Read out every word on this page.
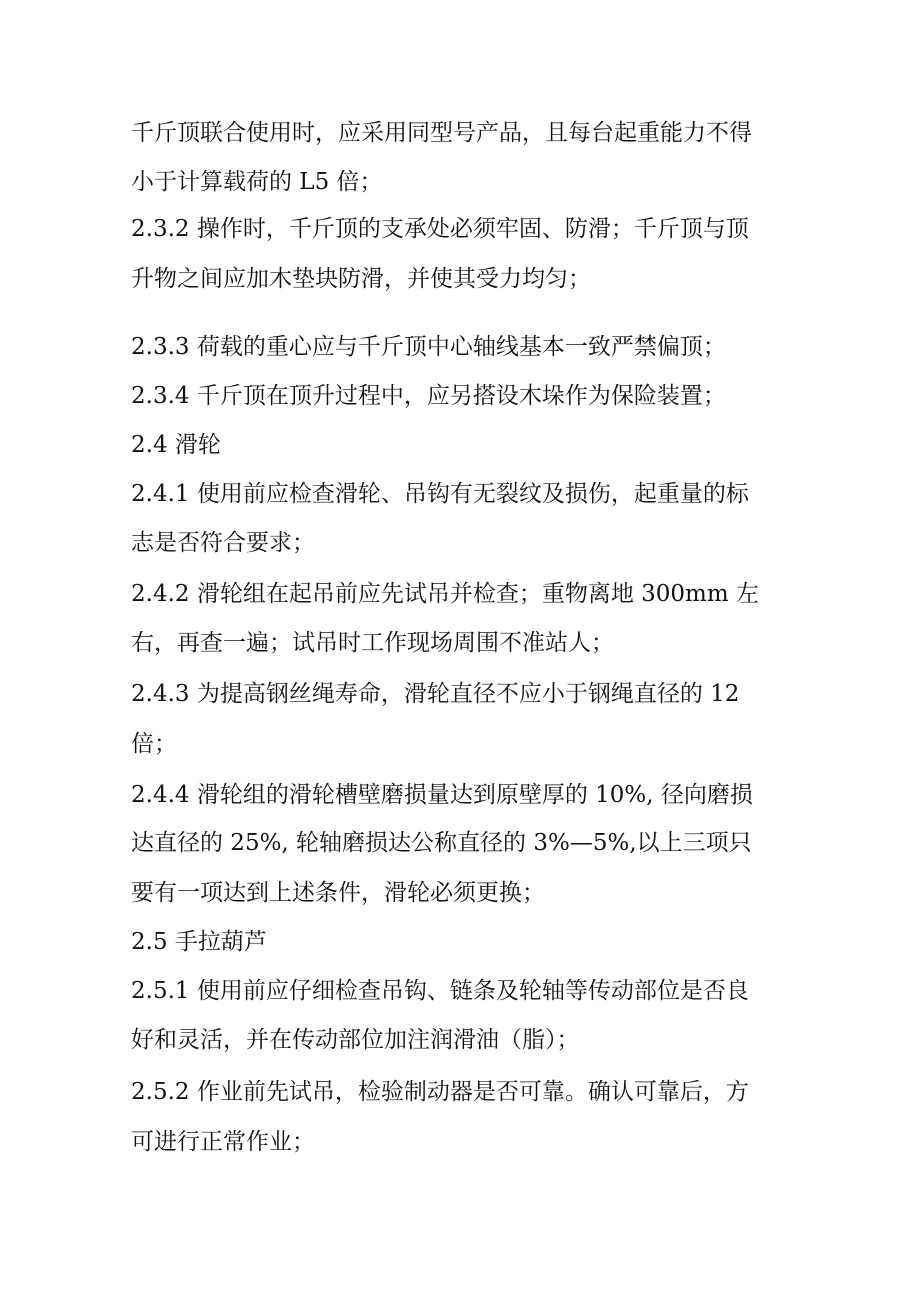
千斤顶联合使用时，应采用同型号产品，且每台起重能力不得
小于计算载荷的 L5 倍；
2.3.2 操作时，千斤顶的支承处必须牢固、防滑；千斤顶与顶
升物之间应加木垫块防滑，并使其受力均匀；
2.3.3 荷载的重心应与千斤顶中心轴线基本一致严禁偏顶；
2.3.4 千斤顶在顶升过程中，应另搭设木垛作为保险装置；
2.4 滑轮
2.4.1 使用前应检查滑轮、吊钩有无裂纹及损伤，起重量的标
志是否符合要求；
2.4.2 滑轮组在起吊前应先试吊并检查；重物离地 300mm 左
右，再查一遍；试吊时工作现场周围不准站人；
2.4.3 为提高钢丝绳寿命，滑轮直径不应小于钢绳直径的 12
倍；
2.4.4 滑轮组的滑轮槽壁磨损量达到原壁厚的 10%, 径向磨损
达直径的 25%, 轮轴磨损达公称直径的 3%—5%,以上三项只
要有一项达到上述条件，滑轮必须更换；
2.5 手拉葫芦
2.5.1 使用前应仔细检查吊钩、链条及轮轴等传动部位是否良
好和灵活，并在传动部位加注润滑油（脂）；
2.5.2 作业前先试吊，检验制动器是否可靠。确认可靠后，方
可进行正常作业；
